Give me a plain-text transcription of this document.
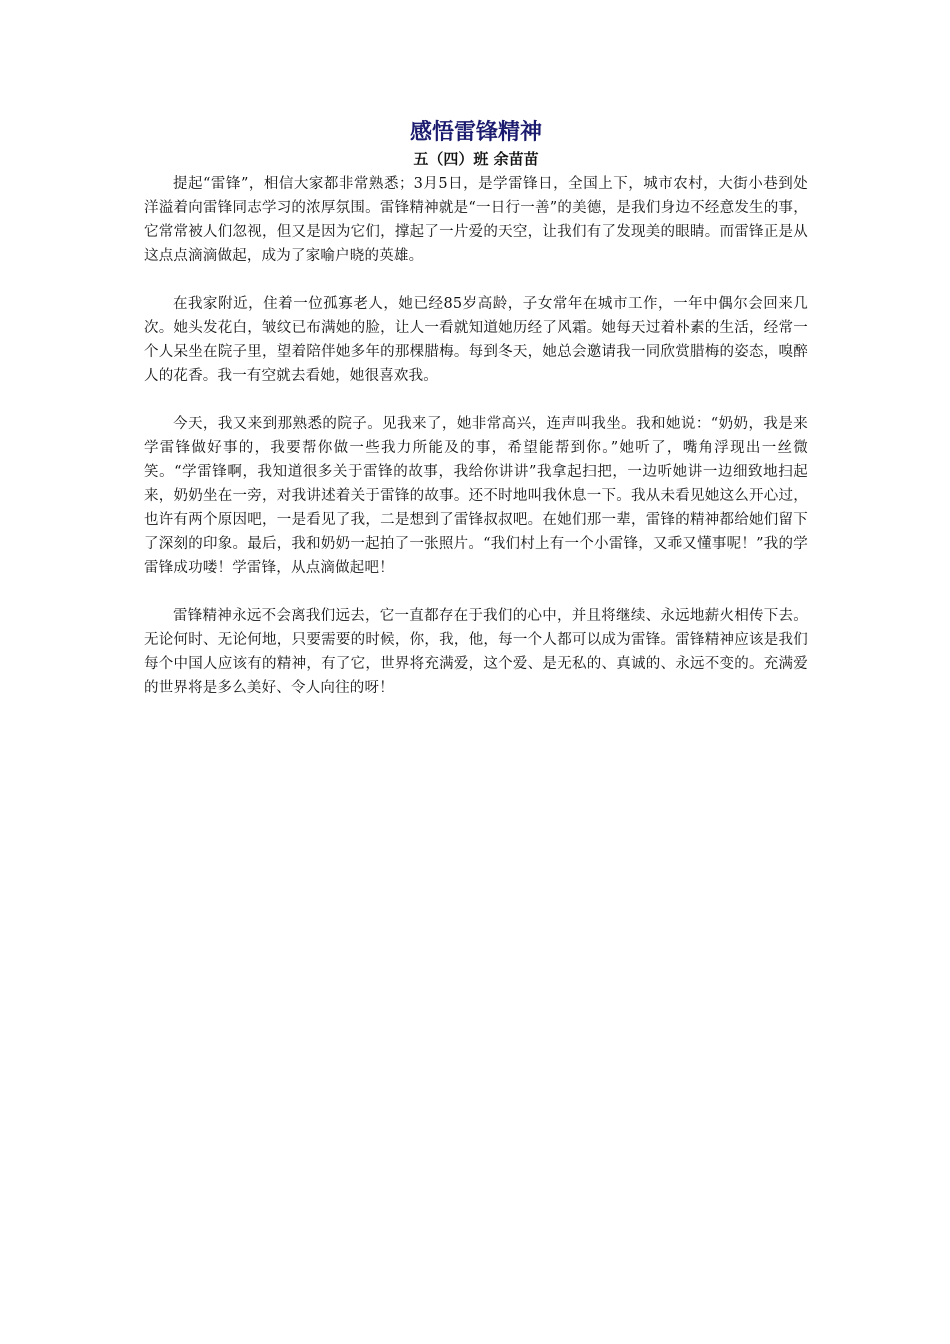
感悟雷锋精神

五（四）班 余苗苗

提起“雷锋”，相信大家都非常熟悉；3月5日，是学雷锋日，全国上下，城市农村，大街小巷到处洋溢着向雷锋同志学习的浓厚氛围。雷锋精神就是“一日行一善”的美德，是我们身边不经意发生的事，它常常被人们忽视，但又是因为它们，撑起了一片爱的天空，让我们有了发现美的眼睛。而雷锋正是从这点点滴滴做起，成为了家喻户晓的英雄。

在我家附近，住着一位孤寡老人，她已经85岁高龄，子女常年在城市工作，一年中偶尔会回来几次。她头发花白，皱纹已布满她的脸，让人一看就知道她历经了风霜。她每天过着朴素的生活，经常一个人呆坐在院子里，望着陪伴她多年的那棵腊梅。每到冬天，她总会邀请我一同欣赏腊梅的姿态，嗅醉人的花香。我一有空就去看她，她很喜欢我。

今天，我又来到那熟悉的院子。见我来了，她非常高兴，连声叫我坐。我和她说：“奶奶，我是来学雷锋做好事的，我要帮你做一些我力所能及的事，希望能帮到你。”她听了，嘴角浮现出一丝微笑。“学雷锋啊，我知道很多关于雷锋的故事，我给你讲讲”我拿起扫把，一边听她讲一边细致地扫起来，奶奶坐在一旁，对我讲述着关于雷锋的故事。还不时地叫我休息一下。我从未看见她这么开心过，也许有两个原因吧，一是看见了我，二是想到了雷锋叔叔吧。在她们那一辈，雷锋的精神都给她们留下了深刻的印象。最后，我和奶奶一起拍了一张照片。“我们村上有一个小雷锋，又乖又懂事呢！”我的学雷锋成功喽！学雷锋，从点滴做起吧！

雷锋精神永远不会离我们远去，它一直都存在于我们的心中，并且将继续、永远地薪火相传下去。无论何时、无论何地，只要需要的时候，你，我，他，每一个人都可以成为雷锋。雷锋精神应该是我们每个中国人应该有的精神，有了它，世界将充满爱，这个爱、是无私的、真诚的、永远不变的。充满爱的世界将是多么美好、令人向往的呀！
